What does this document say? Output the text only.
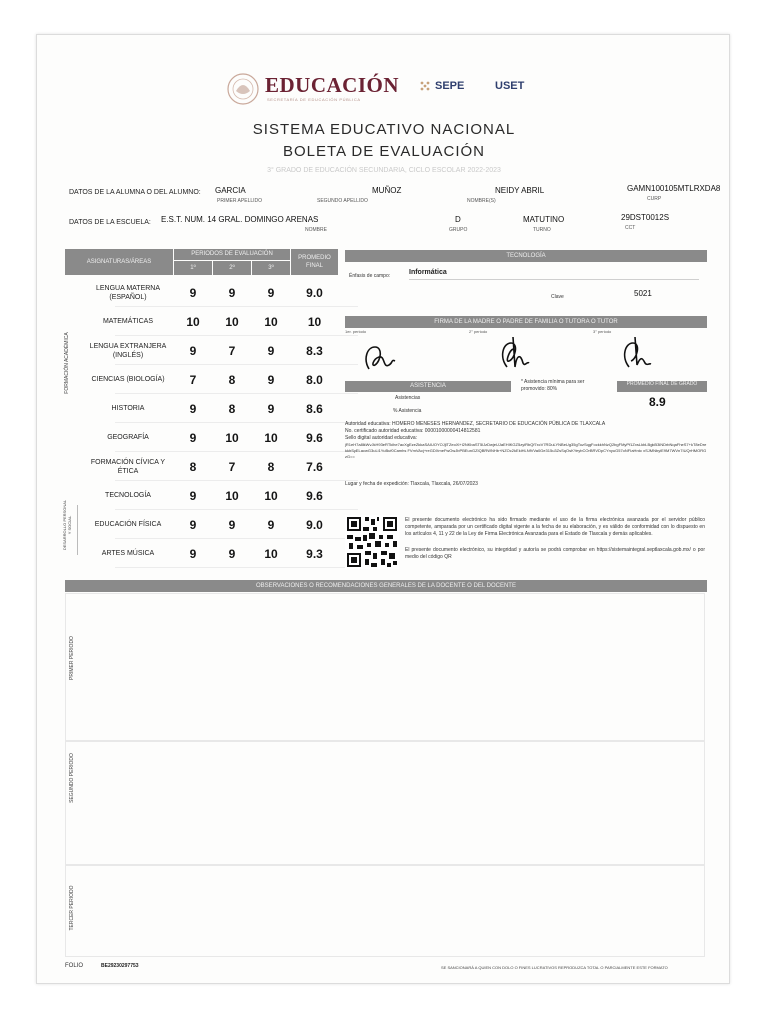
EDUCACIÓN
SECRETARÍA DE EDUCACIÓN PÚBLICA
SEPE	USET
SISTEMA EDUCATIVO NACIONAL
BOLETA DE EVALUACIÓN
3° GRADO DE EDUCACIÓN SECUNDARIA, CICLO ESCOLAR 2022-2023
DATOS DE LA ALUMNA O DEL ALUMNO: GARCIA
PRIMER APELLIDO
MUÑOZ
SEGUNDO APELLIDO
NEIDY ABRIL
NOMBRE(S)
GAMN100105MTLRXDA8
CURP
DATOS DE LA ESCUELA: E.S.T. NUM. 14 GRAL. DOMINGO ARENAS
NOMBRE
D
GRUPO
MATUTINO
TURNO
29DST0012S
CCT
ASIGNATURAS/ÁREAS
PERIODOS DE EVALUACIÓN
1º	2º	3º
PROMEDIO FINAL
FORMACIÓN ACADÉMICA
DESARROLLO PERSONAL Y SOCIAL
LENGUA MATERNA (ESPAÑOL)	9	9	9	9.0
MATEMÁTICAS	10	10	10	10
LENGUA EXTRANJERA (INGLÉS)	9	7	9	8.3
CIENCIAS (BIOLOGÍA)	7	8	9	8.0
HISTORIA	9	8	9	8.6
GEOGRAFÍA	9	10	10	9.6
FORMACIÓN CÍVICA Y ÉTICA	8	7	8	7.6
TECNOLOGÍA	9	10	10	9.6
EDUCACIÓN FÍSICA	9	9	9	9.0
ARTES MÚSICA	9	9	10	9.3
TECNOLOGÍA
Énfasis de campo:	Informática
Clave	5021
FIRMA DE LA MADRE O PADRE DE FAMILIA O TUTORA O TUTOR
1er. periodo	2° periodo	3° periodo
ASISTENCIA
Asistencias
% Asistencia
* Asistencia mínima para ser promovido: 80%
PROMEDIO FINAL DE GRADO
8.9
Autoridad educativa: HOMERO MENESES HERNANDEZ, SECRETARIO DE EDUCACIÓN PÚBLICA DE TLAXCALA
No. certificado autoridad educativa: 00001000000414812581
Sello digital autoridad educativa:
jR1eH7a8lkWvJkH93eRTkihe7acXgEzeZkkaSAIUOYOJjlTZeoXl+l2NKbaST5lJzDwjeUJaEHIKGZ5zyiRbQf7xcV7RDuLYNBeUg35gTozSqgFockkhNzQ2bgFMyPf1ZxsLkbLBgkB3iNDrbNqaFheS7+kT8eDrekkhSyELacwG3uLi1YuBuf0Camhs FVmVAcj+reGDXmeFwOwJbPBEunGZIQBRWNHb+NZOc2kEkiHLNfVVa0Ge315u3ZsSqOsKYeybCOrBRVDpCYnyuG57oNFIaHrdc xSJMNbyiE9M7WVn7IUQrHMORGzG==
Lugar y fecha de expedición: Tlaxcala, Tlaxcala, 26/07/2023
El presente documento electrónico ha sido firmado mediante el uso de la firma electrónica avanzada por el servidor público competente, amparada por un certificado digital vigente a la fecha de su elaboración, y es válido de conformidad con lo dispuesto en los artículos 4, 11 y 22 de la Ley de Firma Electrónica Avanzada para el Estado de Tlaxcala y demás aplicables.
El presente documento electrónico, su integridad y autoría se podrá comprobar en https://sistemaintegral.septlaxcala.gob.mx/ o por medio del código QR
OBSERVACIONES O RECOMENDACIONES GENERALES DE LA DOCENTE O DEL DOCENTE
PRIMER PERIODO
SEGUNDO PERIODO
TERCER PERIODO
FOLIO	BE29230297753	SE SANCIONARÁ A QUIEN CON DOLO O FINES LUCRATIVOS REPRODUZCA TOTAL O PARCIALMENTE ESTE FORMATO
